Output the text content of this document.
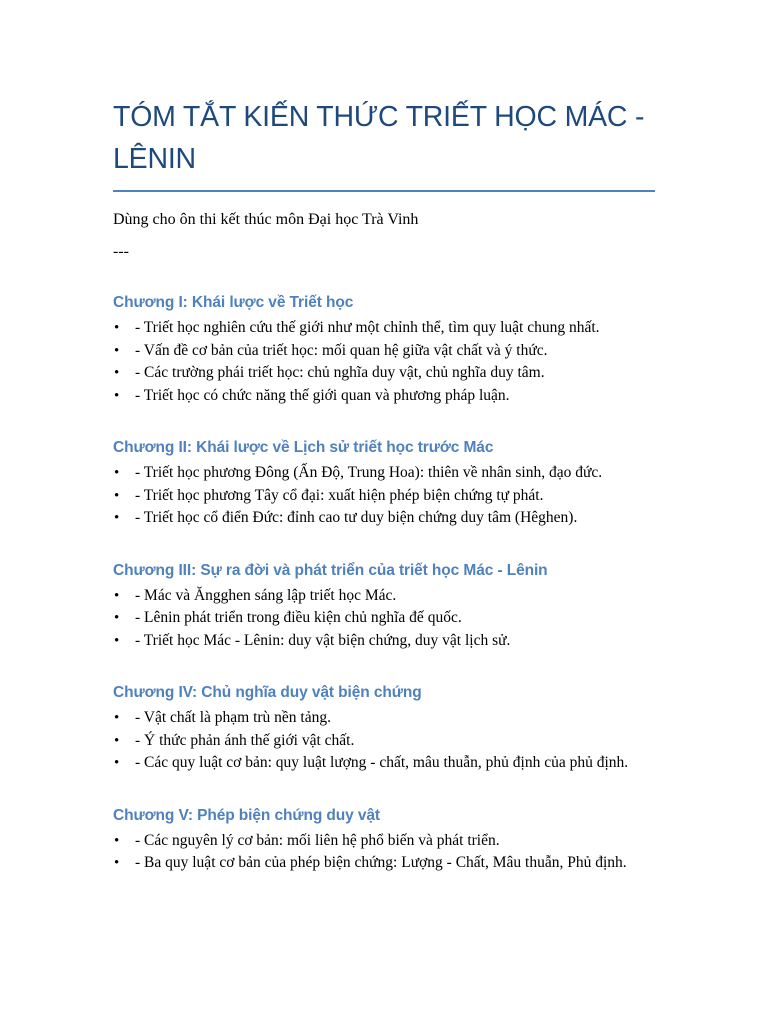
TÓM TẮT KIẾN THỨC TRIẾT HỌC MÁC - LÊNIN

Dùng cho ôn thi kết thúc môn Đại học Trà Vinh

---

Chương I: Khái lược về Triết học
• - Triết học nghiên cứu thế giới như một chỉnh thể, tìm quy luật chung nhất.
• - Vấn đề cơ bản của triết học: mối quan hệ giữa vật chất và ý thức.
• - Các trường phái triết học: chủ nghĩa duy vật, chủ nghĩa duy tâm.
• - Triết học có chức năng thế giới quan và phương pháp luận.
Chương II: Khái lược về Lịch sử triết học trước Mác
• - Triết học phương Đông (Ấn Độ, Trung Hoa): thiên về nhân sinh, đạo đức.
• - Triết học phương Tây cổ đại: xuất hiện phép biện chứng tự phát.
• - Triết học cổ điển Đức: đỉnh cao tư duy biện chứng duy tâm (Hêghen).
Chương III: Sự ra đời và phát triển của triết học Mác - Lênin
• - Mác và Ăngghen sáng lập triết học Mác.
• - Lênin phát triển trong điều kiện chủ nghĩa đế quốc.
• - Triết học Mác - Lênin: duy vật biện chứng, duy vật lịch sử.
Chương IV: Chủ nghĩa duy vật biện chứng
• - Vật chất là phạm trù nền tảng.
• - Ý thức phản ánh thế giới vật chất.
• - Các quy luật cơ bản: quy luật lượng - chất, mâu thuẫn, phủ định của phủ định.
Chương V: Phép biện chứng duy vật
• - Các nguyên lý cơ bản: mối liên hệ phổ biến và phát triển.
• - Ba quy luật cơ bản của phép biện chứng: Lượng - Chất, Mâu thuẫn, Phủ định.
